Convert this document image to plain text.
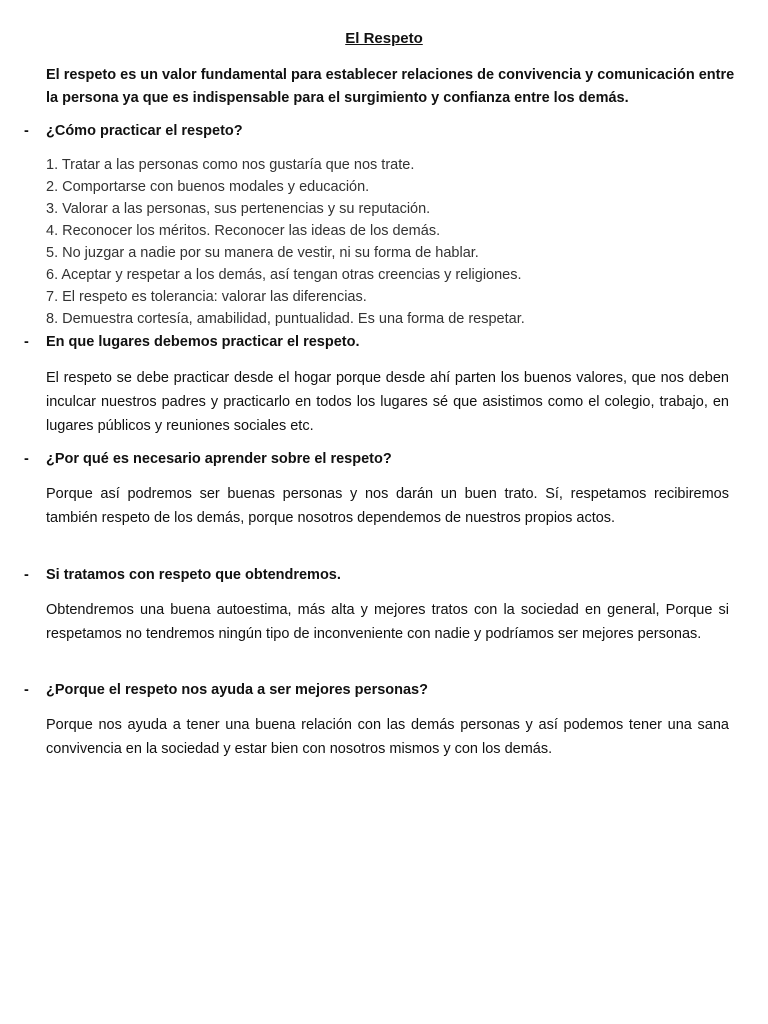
El Respeto
El respeto es un valor fundamental para establecer relaciones de convivencia y comunicación entre la persona ya que es indispensable para el surgimiento y confianza entre los demás.
- ¿Cómo practicar el respeto?
1. Tratar a las personas como nos gustaría que nos trate.
2. Comportarse con buenos modales y educación.
3. Valorar a las personas, sus pertenencias y su reputación.
4. Reconocer los méritos. Reconocer las ideas de los demás.
5. No juzgar a nadie por su manera de vestir, ni su forma de hablar.
6. Aceptar y respetar a los demás, así tengan otras creencias y religiones.
7. El respeto es tolerancia: valorar las diferencias.
8. Demuestra cortesía, amabilidad, puntualidad. Es una forma de respetar.
- En que lugares debemos practicar el respeto.
El respeto se debe practicar desde el hogar porque desde ahí parten los buenos valores, que nos deben inculcar nuestros padres y practicarlo en todos los lugares sé que asistimos como el colegio, trabajo, en lugares públicos y reuniones sociales etc.
- ¿Por qué es necesario aprender sobre el respeto?
Porque así podremos ser buenas personas y nos darán un buen trato. Sí, respetamos recibiremos también respeto de los demás, porque nosotros dependemos de nuestros propios actos.
- Si tratamos con respeto que obtendremos.
Obtendremos una buena autoestima, más alta y mejores tratos con la sociedad en general, Porque si respetamos no tendremos ningún tipo de inconveniente con nadie y podríamos ser mejores personas.
- ¿Porque el respeto nos ayuda a ser mejores personas?
Porque nos ayuda a tener una buena relación con las demás personas y así podemos tener una sana convivencia en la sociedad y estar bien con nosotros mismos y con los demás.
